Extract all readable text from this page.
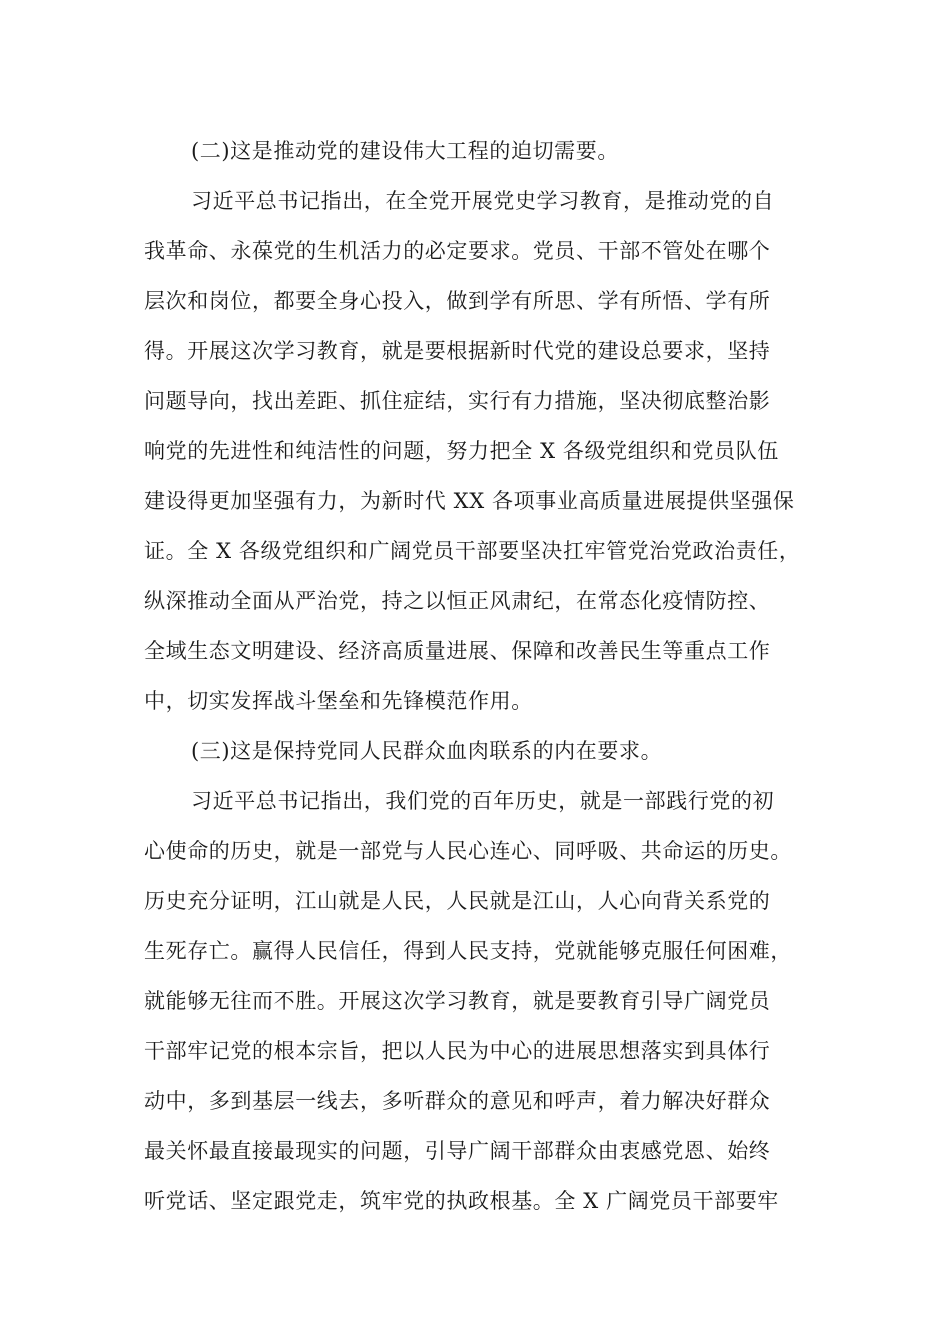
(二)这是推动党的建设伟大工程的迫切需要。
习近平总书记指出，在全党开展党史学习教育，是推动党的自
我革命、永葆党的生机活力的必定要求。党员、干部不管处在哪个
层次和岗位，都要全身心投入，做到学有所思、学有所悟、学有所
得。开展这次学习教育，就是要根据新时代党的建设总要求，坚持
问题导向，找出差距、抓住症结，实行有力措施，坚决彻底整治影
响党的先进性和纯洁性的问题，努力把全 X 各级党组织和党员队伍
建设得更加坚强有力，为新时代 XX 各项事业高质量进展提供坚强保
证。全 X 各级党组织和广阔党员干部要坚决扛牢管党治党政治责任，
纵深推动全面从严治党，持之以恒正风肃纪，在常态化疫情防控、
全域生态文明建设、经济高质量进展、保障和改善民生等重点工作
中，切实发挥战斗堡垒和先锋模范作用。
(三)这是保持党同人民群众血肉联系的内在要求。
习近平总书记指出，我们党的百年历史，就是一部践行党的初
心使命的历史，就是一部党与人民心连心、同呼吸、共命运的历史。
历史充分证明，江山就是人民，人民就是江山，人心向背关系党的
生死存亡。赢得人民信任，得到人民支持，党就能够克服任何困难，
就能够无往而不胜。开展这次学习教育，就是要教育引导广阔党员
干部牢记党的根本宗旨，把以人民为中心的进展思想落实到具体行
动中，多到基层一线去，多听群众的意见和呼声，着力解决好群众
最关怀最直接最现实的问题，引导广阔干部群众由衷感党恩、始终
听党话、坚定跟党走，筑牢党的执政根基。全 X 广阔党员干部要牢
